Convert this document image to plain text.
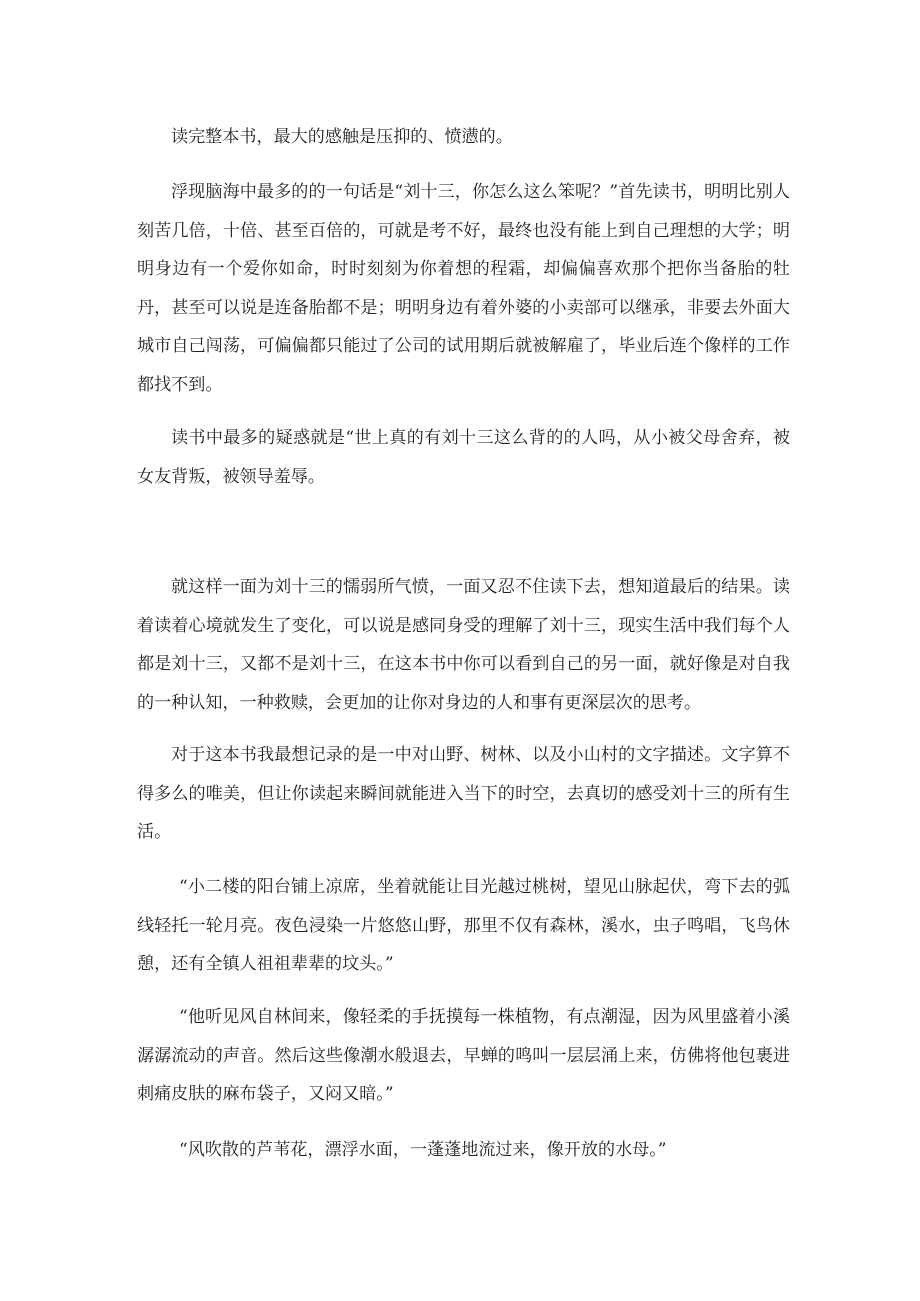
读完整本书，最大的感触是压抑的、愤懑的。

浮现脑海中最多的的一句话是“刘十三，你怎么这么笨呢？”首先读书，明明比别人刻苦几倍，十倍、甚至百倍的，可就是考不好，最终也没有能上到自己理想的大学；明明身边有一个爱你如命，时时刻刻为你着想的程霜，却偏偏喜欢那个把你当备胎的牡丹，甚至可以说是连备胎都不是；明明身边有着外婆的小卖部可以继承，非要去外面大城市自己闯荡，可偏偏都只能过了公司的试用期后就被解雇了，毕业后连个像样的工作都找不到。

读书中最多的疑惑就是“世上真的有刘十三这么背的的人吗，从小被父母舍弃，被女友背叛，被领导羞辱。

就这样一面为刘十三的懦弱所气愤，一面又忍不住读下去，想知道最后的结果。读着读着心境就发生了变化，可以说是感同身受的理解了刘十三，现实生活中我们每个人都是刘十三，又都不是刘十三，在这本书中你可以看到自己的另一面，就好像是对自我的一种认知，一种救赎，会更加的让你对身边的人和事有更深层次的思考。

对于这本书我最想记录的是一中对山野、树林、以及小山村的文字描述。文字算不得多么的唯美，但让你读起来瞬间就能进入当下的时空，去真切的感受刘十三的所有生活。

“小二楼的阳台铺上凉席，坐着就能让目光越过桃树，望见山脉起伏，弯下去的弧线轻托一轮月亮。夜色浸染一片悠悠山野，那里不仅有森林，溪水，虫子鸣唱，飞鸟休憩，还有全镇人祖祖辈辈的坟头。”

“他听见风自林间来，像轻柔的手抚摸每一株植物，有点潮湿，因为风里盛着小溪潺潺流动的声音。然后这些像潮水般退去，早蝉的鸣叫一层层涌上来，仿佛将他包裹进刺痛皮肤的麻布袋子，又闷又暗。”

“风吹散的芦苇花，漂浮水面，一蓬蓬地流过来，像开放的水母。”
